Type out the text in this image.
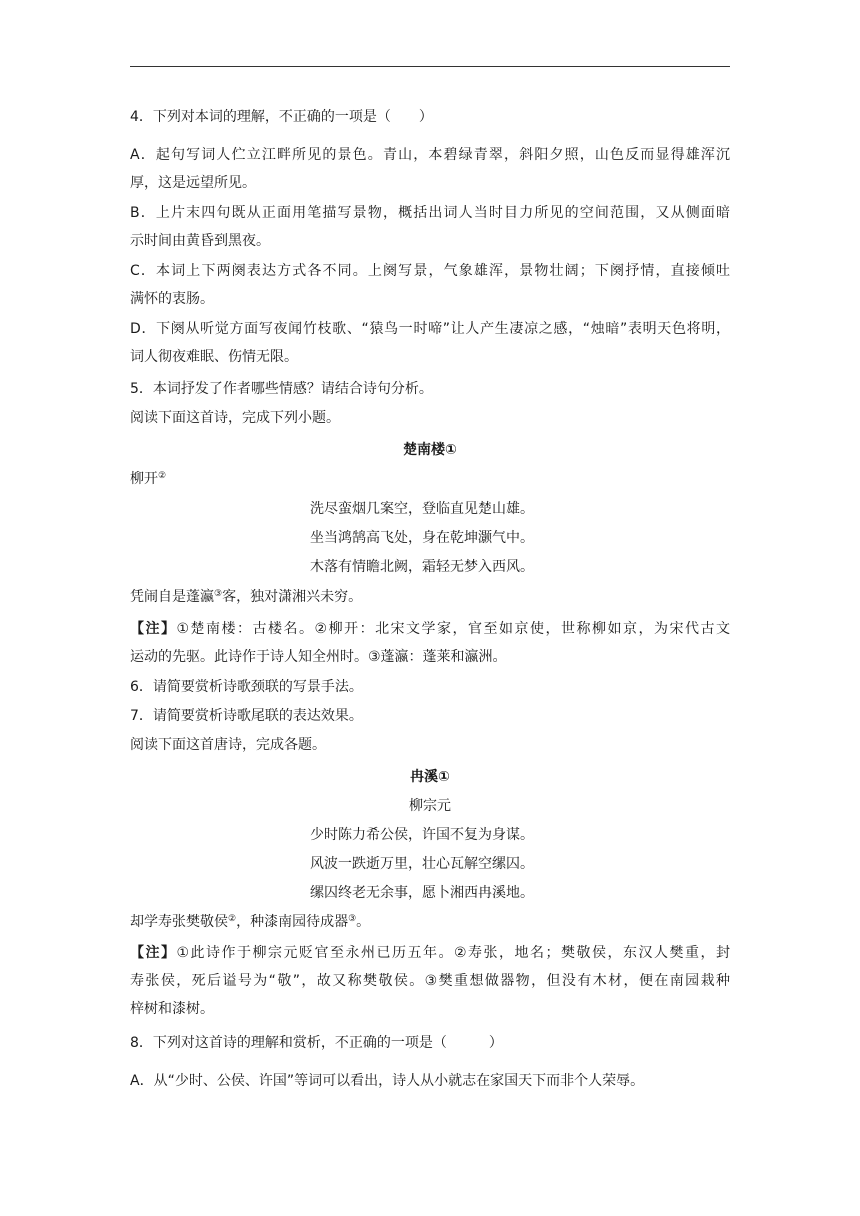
4．下列对本词的理解，不正确的一项是（　　）

A．起句写词人伫立江畔所见的景色。青山，本碧绿青翠，斜阳夕照，山色反而显得雄浑沉

厚，这是远望所见。

B．上片末四句既从正面用笔描写景物，概括出词人当时目力所见的空间范围，又从侧面暗

示时间由黄昏到黑夜。

C．本词上下两阕表达方式各不同。上阕写景，气象雄浑，景物壮阔；下阕抒情，直接倾吐

满怀的衷肠。

D．下阕从听觉方面写夜闻竹枝歌、“猿鸟一时啼”让人产生凄凉之感，“烛暗”表明天色将明，

词人彻夜难眠、伤情无限。

5．本词抒发了作者哪些情感？请结合诗句分析。

阅读下面这首诗，完成下列小题。

楚南楼①

柳开②

洗尽蛮烟几案空，登临直见楚山雄。

坐当鸿鹄高飞处，身在乾坤灏气中。

木落有情瞻北阙，霜轻无梦入西风。

凭闹自是蓬瀛③客，独对潇湘兴未穷。

【注】①楚南楼：古楼名。②柳开：北宋文学家，官至如京使，世称柳如京，为宋代古文

运动的先驱。此诗作于诗人知全州时。③蓬瀛：蓬莱和瀛洲。

6．请简要赏析诗歌颈联的写景手法。

7．请简要赏析诗歌尾联的表达效果。

阅读下面这首唐诗，完成各题。

冉溪①

柳宗元

少时陈力希公侯，许国不复为身谋。

风波一跌逝万里，壮心瓦解空缧囚。

缧囚终老无余事，愿卜湘西冉溪地。

却学寿张樊敬侯②，种漆南园待成器③。

【注】①此诗作于柳宗元贬官至永州已历五年。②寿张，地名；樊敬侯，东汉人樊重，封

寿张侯，死后谥号为“敬”，故又称樊敬侯。③樊重想做器物，但没有木材，便在南园栽种

梓树和漆树。

8．下列对这首诗的理解和赏析，不正确的一项是（　　　）

A．从“少时、公侯、许国”等词可以看出，诗人从小就志在家国天下而非个人荣辱。
